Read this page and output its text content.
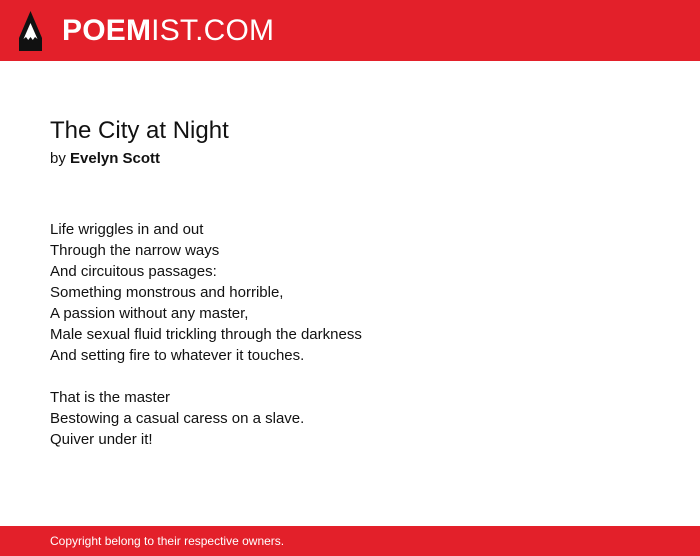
POEM IST.COM
The City at Night
by Evelyn Scott
Life wriggles in and out
Through the narrow ways
And circuitous passages:
Something monstrous and horrible,
A passion without any master,
Male sexual fluid trickling through the darkness
And setting fire to whatever it touches.
That is the master
Bestowing a casual caress on a slave.
Quiver under it!
Copyright belong to their respective owners.
